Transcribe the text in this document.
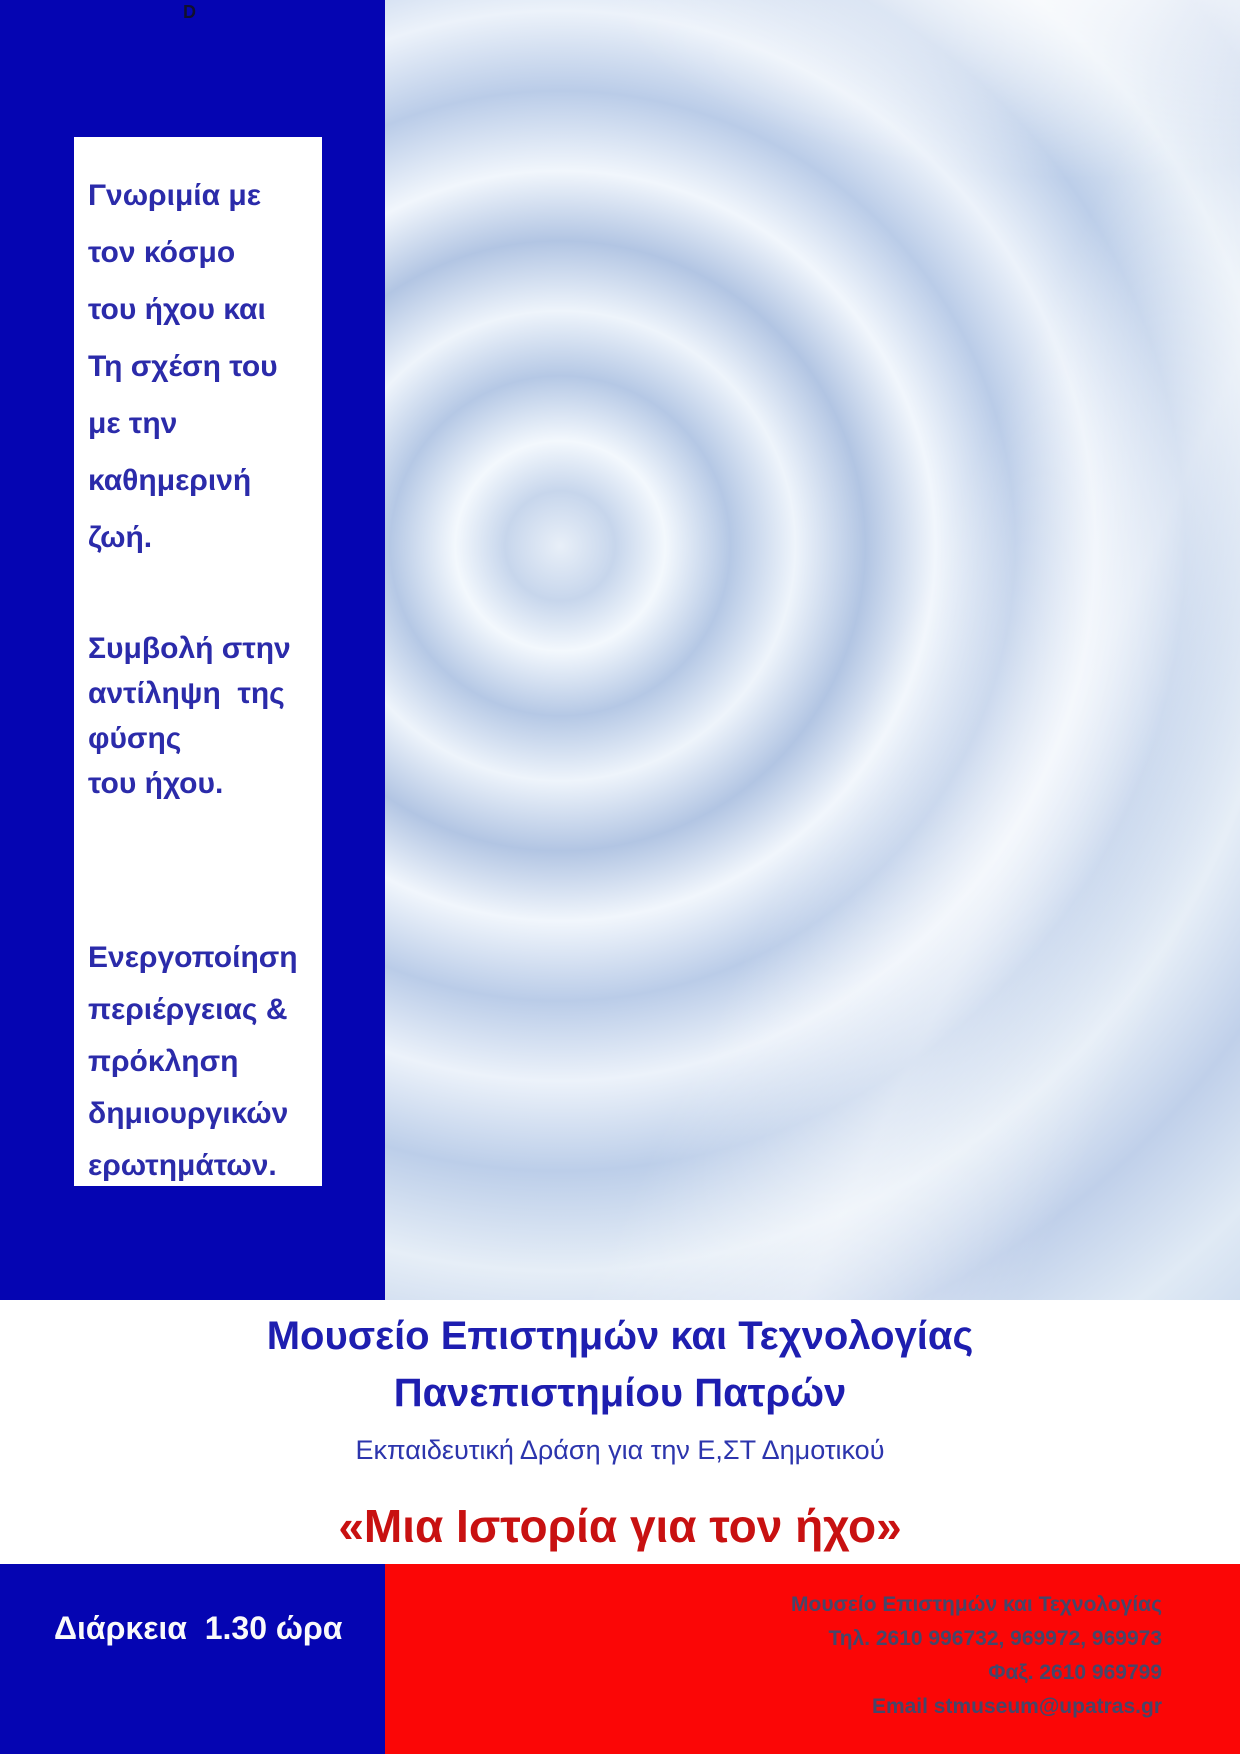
D
Γνωριμία με
τον κόσμο
του ήχου και
Τη σχέση του
με την
καθημερινή
ζωή.
Συμβολή στην
αντίληψη  της
φύσης
του ήχου.
Ενεργοποίηση
περιέργειας &
πρόκληση
δημιουργικών
ερωτημάτων.
Μουσείο Επιστημών και Τεχνολογίας
Πανεπιστημίου Πατρών
Εκπαιδευτική Δράση για την Ε,ΣΤ Δημοτικού
«Μια Ιστορία για τον ήχο»
Διάρκεια  1.30 ώρα
Μουσείο Επιστημών και Τεχνολογίας
Τηλ. 2610 996732, 969972, 969973
Φαξ. 2610 969799
Email stmuseum@upatras.gr
